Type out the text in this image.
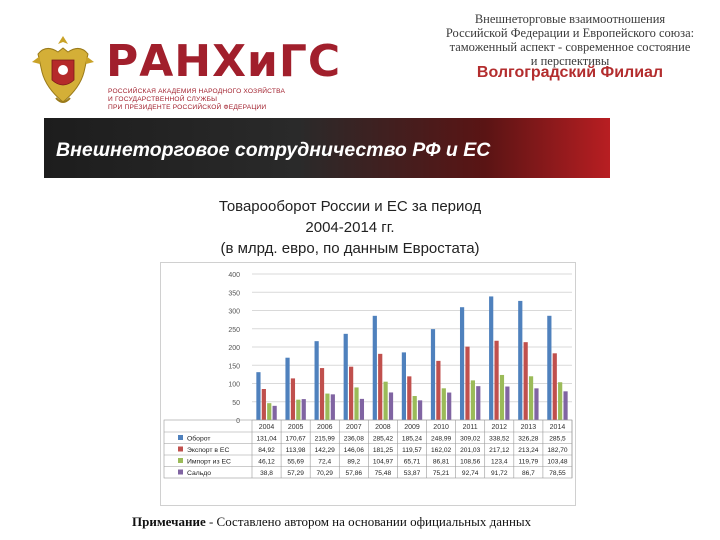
РАНХиГС
РОССИЙСКАЯ АКАДЕМИЯ НАРОДНОГО ХОЗЯЙСТВА
И ГОСУДАРСТВЕННОЙ СЛУЖБЫ
ПРИ ПРЕЗИДЕНТЕ РОССИЙСКОЙ ФЕДЕРАЦИИ
Внешнеторговые взаимоотношения
Российской Федерации и Европейского союза:
таможенный аспект - современное состояние
и перспективы
Волгоградский Филиал
Внешнеторговое сотрудничество РФ и ЕС
Товарооборот России и ЕС за период
2004-2014 гг.
(в млрд. евро, по данным Евростата)
0
50
100
150
200
250
300
350
400
2004 2005 2006 2007 2008 2009 2010 2011 2012 2013 2014
Оборот	131,04 170,67 215,99 236,08 285,42 185,24 248,99 309,02 338,52 326,28 285,5
Экспорт в ЕС	84,92 113,98 142,29 146,06 181,25 119,57 162,02 201,03 217,12 213,24 182,70
Импорт из ЕС	46,12 55,69 72,4 89,2 104,97 65,71 86,81 108,56 123,4 119,79 103,48
Сальдо	38,8 57,29 70,29 57,86 75,48 53,87 75,21 92,74 91,72 86,7 78,55
Примечание - Составлено автором на основании официальных данных
